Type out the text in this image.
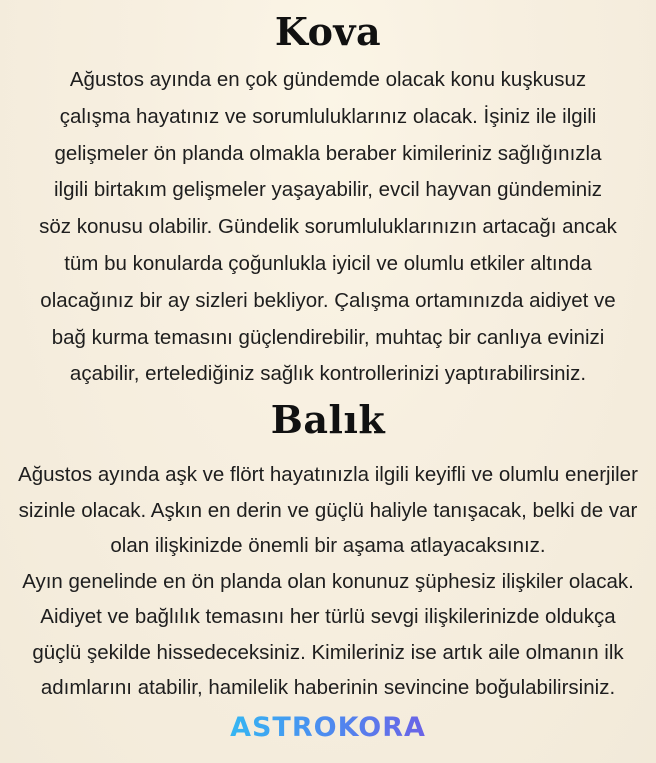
Kova

Ağustos ayında en çok gündemde olacak konu kuşkusuz
çalışma hayatınız ve sorumluluklarınız olacak. İşiniz ile ilgili
gelişmeler ön planda olmakla beraber kimileriniz sağlığınızla
ilgili birtakım gelişmeler yaşayabilir, evcil hayvan gündeminiz
söz konusu olabilir. Gündelik sorumluluklarınızın artacağı ancak
tüm bu konularda çoğunlukla iyicil ve olumlu etkiler altında
olacağınız bir ay sizleri bekliyor. Çalışma ortamınızda aidiyet ve
bağ kurma temasını güçlendirebilir, muhtaç bir canlıya evinizi
açabilir, ertelediğiniz sağlık kontrollerinizi yaptırabilirsiniz.

Balık

Ağustos ayında aşk ve flört hayatınızla ilgili keyifli ve olumlu enerjiler
sizinle olacak. Aşkın en derin ve güçlü haliyle tanışacak, belki de var
olan ilişkinizde önemli bir aşama atlayacaksınız.
Ayın genelinde en ön planda olan konunuz şüphesiz ilişkiler olacak.
Aidiyet ve bağlılık temasını her türlü sevgi ilişkilerinizde oldukça
güçlü şekilde hissedeceksiniz. Kimileriniz ise artık aile olmanın ilk
adımlarını atabilir, hamilelik haberinin sevincine boğulabilirsiniz.

ASTROKORA
